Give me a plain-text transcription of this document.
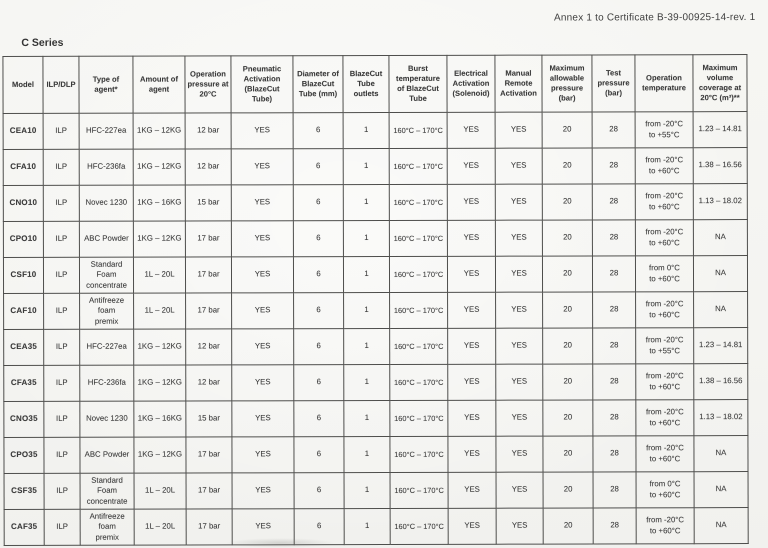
Annex 1 to Certificate B-39-00925-14-rev. 1
C Series
Model	ILP/DLP	Type of agent*	Amount of agent	Operation pressure at 20°C	Pneumatic Activation (BlazeCut Tube)	Diameter of BlazeCut Tube (mm)	BlazeCut Tube outlets	Burst temperature of BlazeCut Tube	Electrical Activation (Solenoid)	Manual Remote Activation	Maximum allowable pressure (bar)	Test pressure (bar)	Operation temperature	Maximum volume coverage at 20°C (m³)**
CEA10	ILP	HFC-227ea	1KG – 12KG	12 bar	YES	6	1	160°C – 170°C	YES	YES	20	28	from -20°C
to +55°C	1.23 – 14.81
CFA10	ILP	HFC-236fa	1KG – 12KG	12 bar	YES	6	1	160°C – 170°C	YES	YES	20	28	from -20°C
to +60°C	1.38 – 16.56
CNO10	ILP	Novec 1230	1KG – 16KG	15 bar	YES	6	1	160°C – 170°C	YES	YES	20	28	from -20°C
to +60°C	1.13 – 18.02
CPO10	ILP	ABC Powder	1KG – 12KG	17 bar	YES	6	1	160°C – 170°C	YES	YES	20	28	from -20°C
to +60°C	NA
CSF10	ILP	Standard
Foam
concentrate	1L – 20L	17 bar	YES	6	1	160°C – 170°C	YES	YES	20	28	from 0°C
to +60°C	NA
CAF10	ILP	Antifreeze
foam
premix	1L – 20L	17 bar	YES	6	1	160°C – 170°C	YES	YES	20	28	from -20°C
to +60°C	NA
CEA35	ILP	HFC-227ea	1KG – 12KG	12 bar	YES	6	1	160°C – 170°C	YES	YES	20	28	from -20°C
to +55°C	1.23 – 14.81
CFA35	ILP	HFC-236fa	1KG – 12KG	12 bar	YES	6	1	160°C – 170°C	YES	YES	20	28	from -20°C
to +60°C	1.38 – 16.56
CNO35	ILP	Novec 1230	1KG – 16KG	15 bar	YES	6	1	160°C – 170°C	YES	YES	20	28	from -20°C
to +60°C	1.13 – 18.02
CPO35	ILP	ABC Powder	1KG – 12KG	17 bar	YES	6	1	160°C – 170°C	YES	YES	20	28	from -20°C
to +60°C	NA
CSF35	ILP	Standard
Foam
concentrate	1L – 20L	17 bar	YES	6	1	160°C – 170°C	YES	YES	20	28	from 0°C
to +60°C	NA
CAF35	ILP	Antifreeze
foam
premix	1L – 20L	17 bar	YES	6	1	160°C – 170°C	YES	YES	20	28	from -20°C
to +60°C	NA
